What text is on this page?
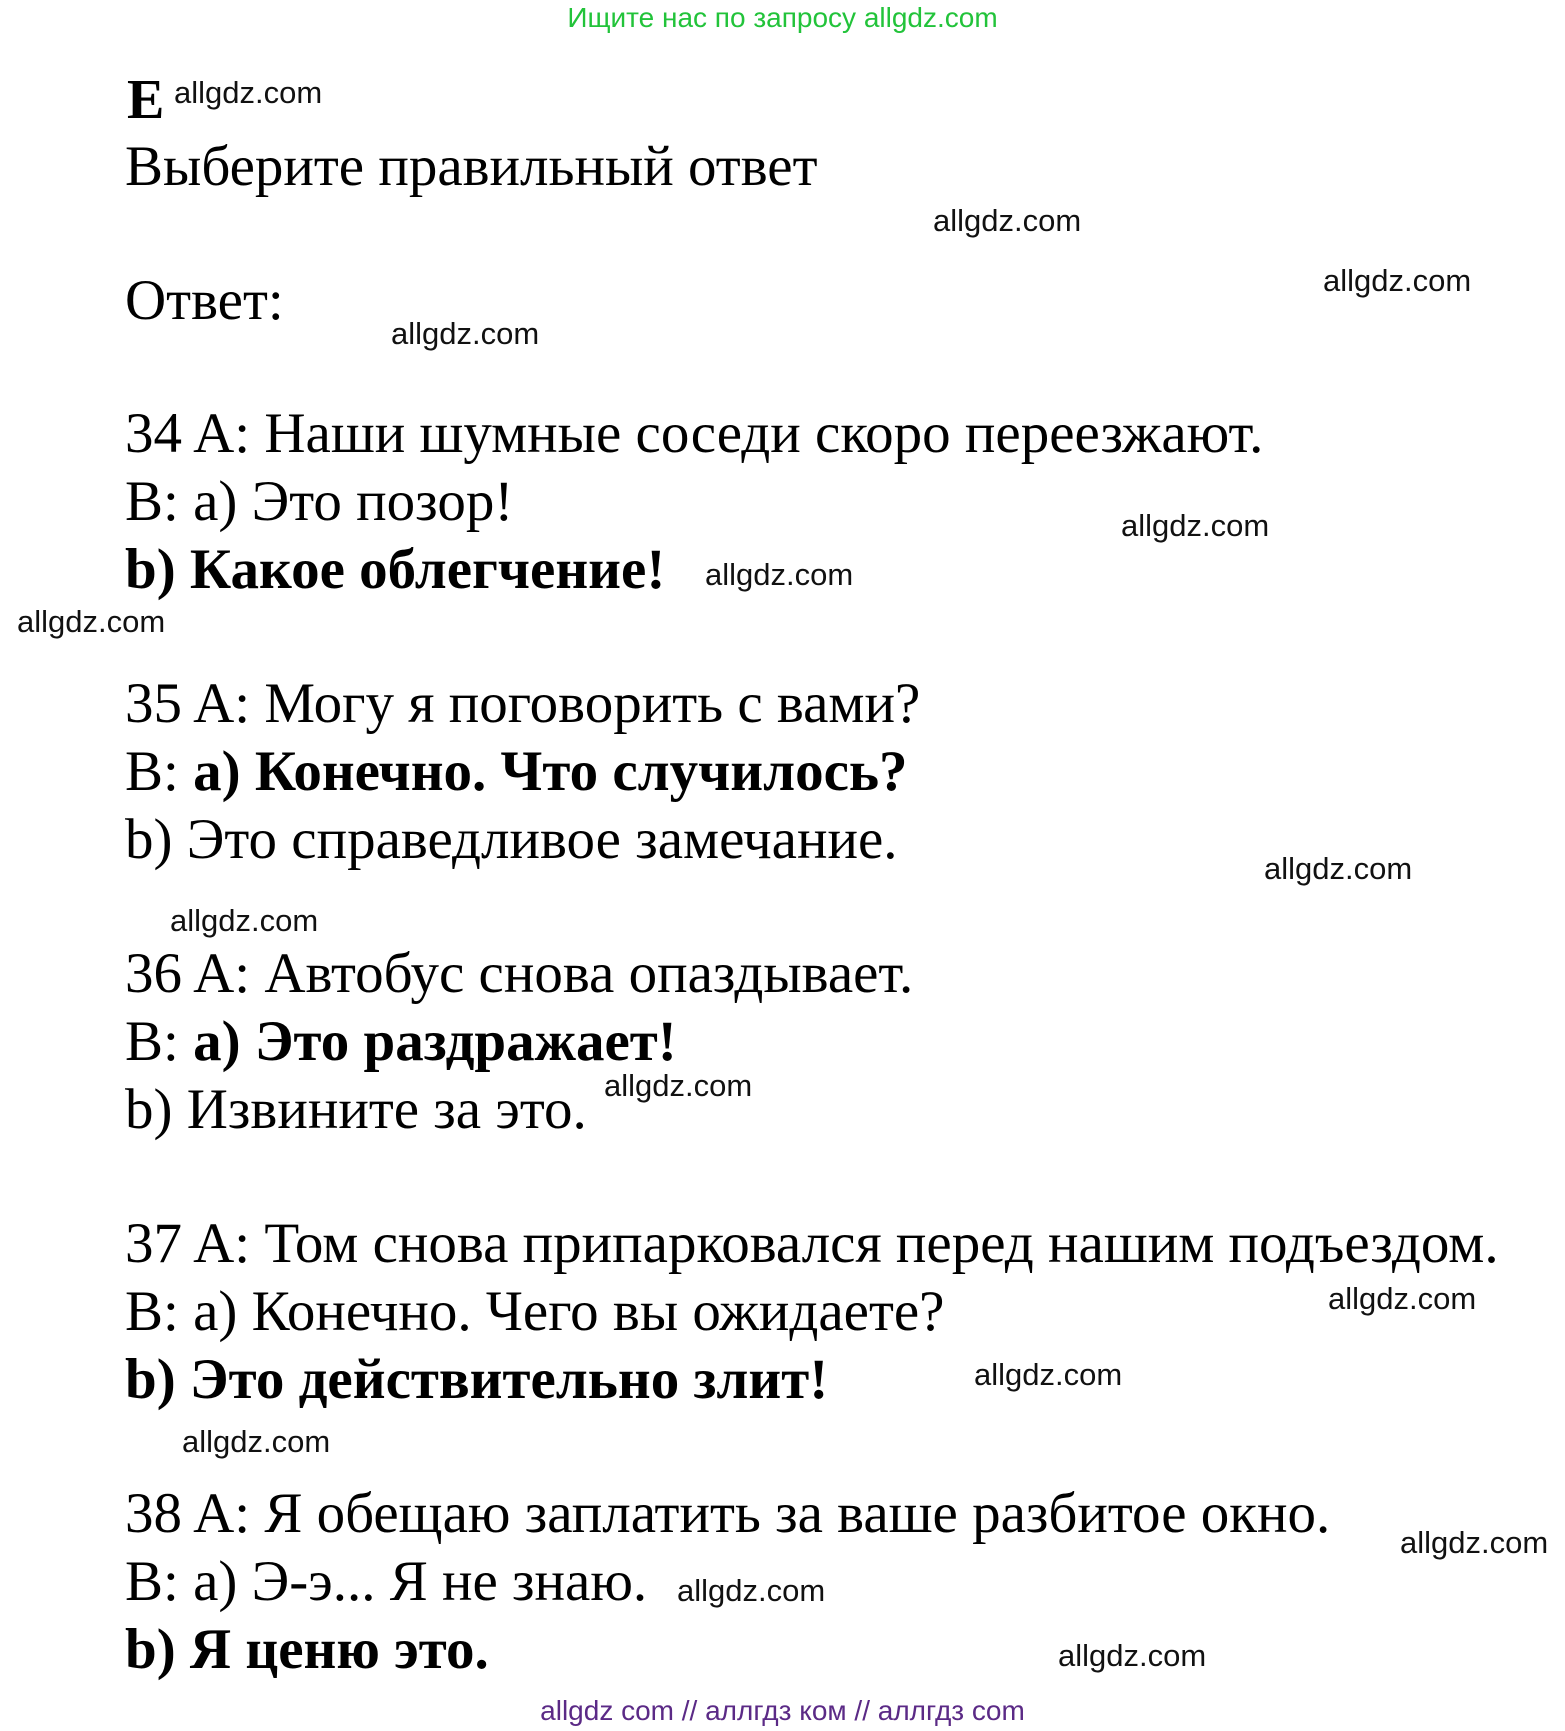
Ищите нас по запросу allgdz.com
E
Выберите правильный ответ
Ответ:
34 A: Наши шумные соседи скоро переезжают.
B: a) Это позор!
b) Какое облегчение!
35 A: Могу я поговорить с вами?
B: a) Конечно. Что случилось?
b) Это справедливое замечание.
36 A: Автобус снова опаздывает.
B: a) Это раздражает!
b) Извините за это.
37 A: Том снова припарковался перед нашим подъездом.
B: a) Конечно. Чего вы ожидаете?
b) Это действительно злит!
38 A: Я обещаю заплатить за ваше разбитое окно.
B: a) Э-э... Я не знаю.
b) Я ценю это.
allgdz.com
allgdz.com
allgdz.com
allgdz.com
allgdz.com
allgdz.com
allgdz.com
allgdz.com
allgdz.com
allgdz.com
allgdz.com
allgdz.com
allgdz.com
allgdz.com
allgdz.com
allgdz.com
allgdz com // аллгдз ком // аллгдз com
